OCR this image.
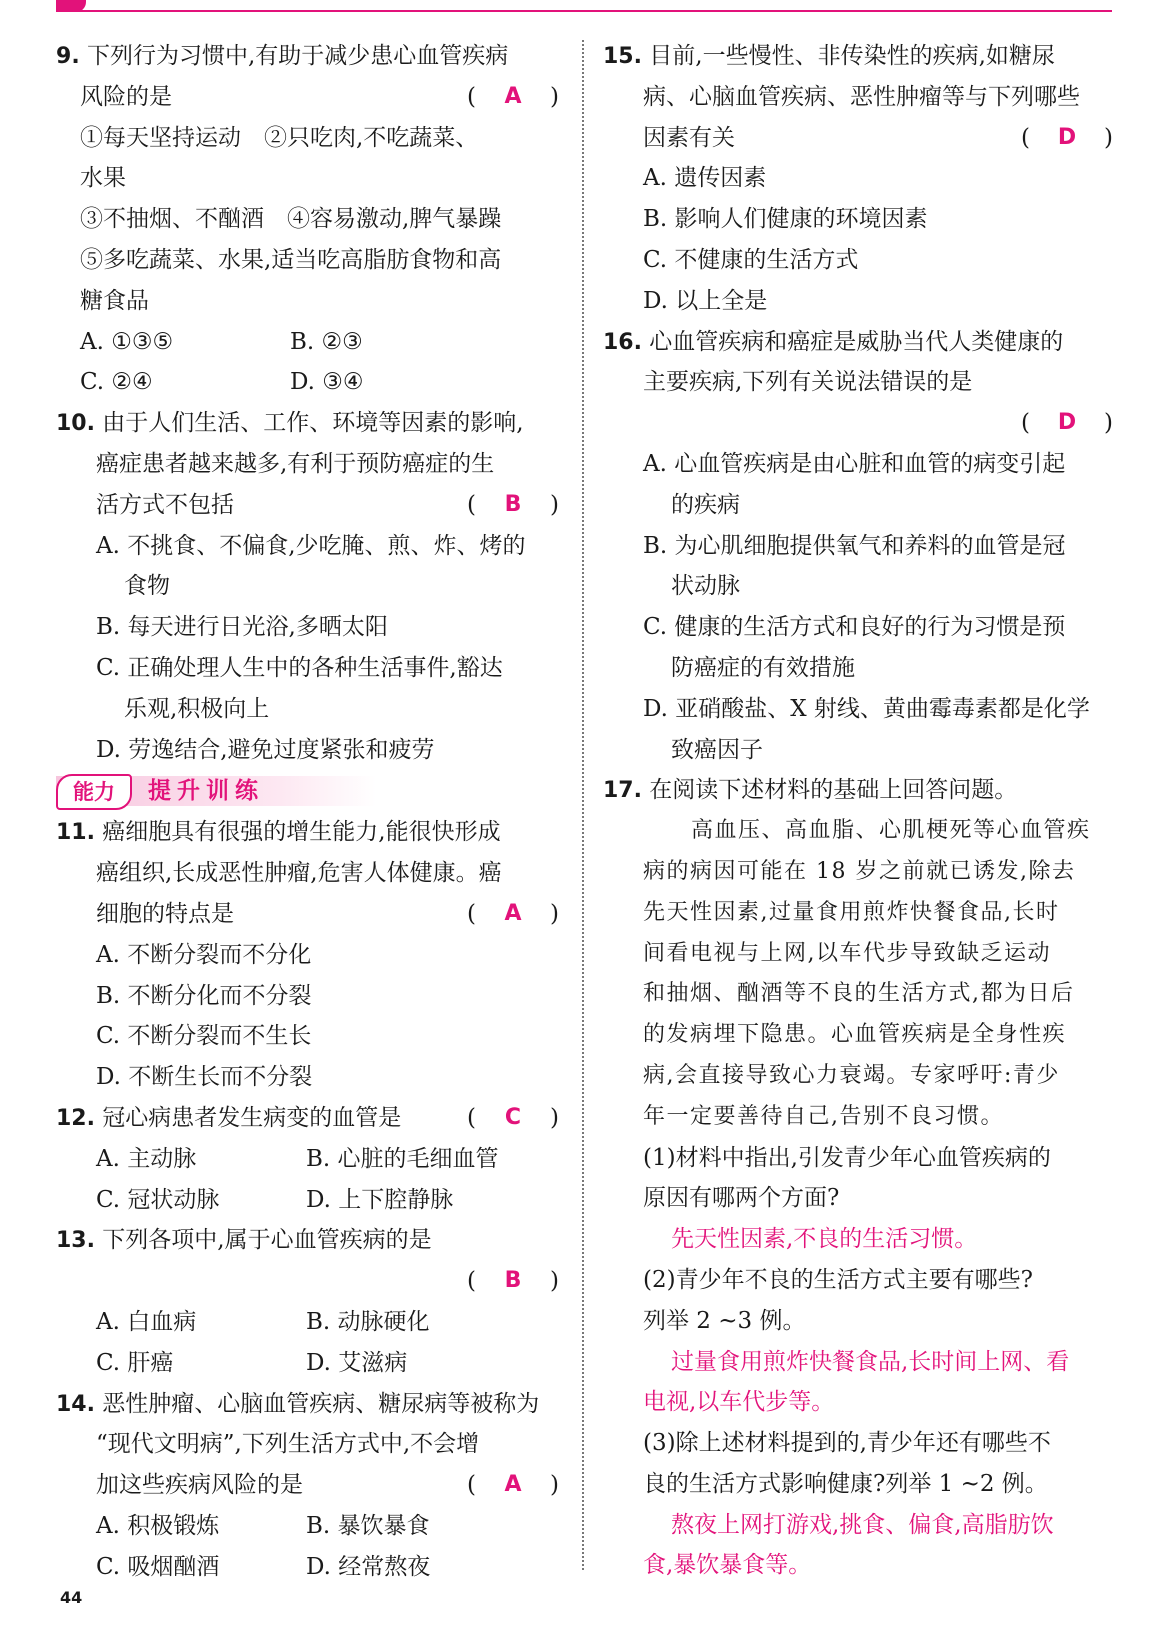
9. 下列行为习惯中,有助于减少患心血管疾病
风险的是	( A )
①每天坚持运动　②只吃肉,不吃蔬菜、
水果
③不抽烟、不酗酒　④容易激动,脾气暴躁
⑤多吃蔬菜、水果,适当吃高脂肪食物和高
糖食品
A. ①③⑤	B. ②③
C. ②④	D. ③④
10. 由于人们生活、工作、环境等因素的影响,
癌症患者越来越多,有利于预防癌症的生
活方式不包括	( B )
A. 不挑食、不偏食,少吃腌、煎、炸、烤的
食物
B. 每天进行日光浴,多晒太阳
C. 正确处理人生中的各种生活事件,豁达
乐观,积极向上
D. 劳逸结合,避免过度紧张和疲劳
能力	提升训练
11. 癌细胞具有很强的增生能力,能很快形成
癌组织,长成恶性肿瘤,危害人体健康。癌
细胞的特点是	( A )
A. 不断分裂而不分化
B. 不断分化而不分裂
C. 不断分裂而不生长
D. 不断生长而不分裂
12. 冠心病患者发生病变的血管是	( C )
A. 主动脉	B. 心脏的毛细血管
C. 冠状动脉	D. 上下腔静脉
13. 下列各项中,属于心血管疾病的是
( B )
A. 白血病	B. 动脉硬化
C. 肝癌	D. 艾滋病
14. 恶性肿瘤、心脑血管疾病、糖尿病等被称为
“现代文明病”,下列生活方式中,不会增
加这些疾病风险的是	( A )
A. 积极锻炼	B. 暴饮暴食
C. 吸烟酗酒	D. 经常熬夜
15. 目前,一些慢性、非传染性的疾病,如糖尿
病、心脑血管疾病、恶性肿瘤等与下列哪些
因素有关	( D )
A. 遗传因素
B. 影响人们健康的环境因素
C. 不健康的生活方式
D. 以上全是
16. 心血管疾病和癌症是威胁当代人类健康的
主要疾病,下列有关说法错误的是
( D )
A. 心血管疾病是由心脏和血管的病变引起
的疾病
B. 为心肌细胞提供氧气和养料的血管是冠
状动脉
C. 健康的生活方式和良好的行为习惯是预
防癌症的有效措施
D. 亚硝酸盐、X 射线、黄曲霉毒素都是化学
致癌因子
17. 在阅读下述材料的基础上回答问题。
高血压、高血脂、心肌梗死等心血管疾
病的病因可能在 18 岁之前就已诱发,除去
先天性因素,过量食用煎炸快餐食品,长时
间看电视与上网,以车代步导致缺乏运动
和抽烟、酗酒等不良的生活方式,都为日后
的发病埋下隐患。心血管疾病是全身性疾
病,会直接导致心力衰竭。专家呼吁:青少
年一定要善待自己,告别不良习惯。
(1)材料中指出,引发青少年心血管疾病的
原因有哪两个方面?
先天性因素,不良的生活习惯。
(2)青少年不良的生活方式主要有哪些?
列举 2 ~3 例。
过量食用煎炸快餐食品,长时间上网、看
电视,以车代步等。
(3)除上述材料提到的,青少年还有哪些不
良的生活方式影响健康?列举 1 ~2 例。
熬夜上网打游戏,挑食、偏食,高脂肪饮
食,暴饮暴食等。
44
